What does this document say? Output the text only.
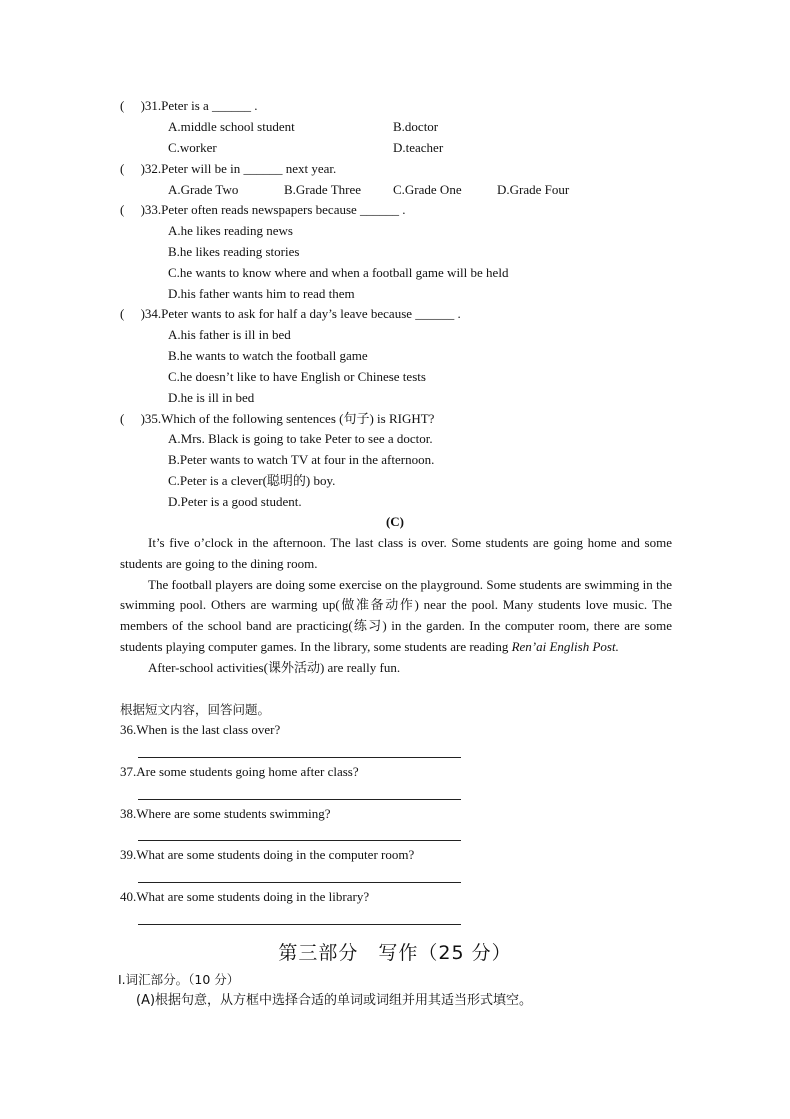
(     )31.Peter is a ______ .
A.middle school student	B.doctor
C.worker	D.teacher
(     )32.Peter will be in ______ next year.
A.Grade Two	B.Grade Three C.Grade One	D.Grade Four
(     )33.Peter often reads newspapers because ______ .
A.he likes reading news
B.he likes reading stories
C.he wants to know where and when a football game will be held
D.his father wants him to read them
(     )34.Peter wants to ask for half a day’s leave because ______ .
A.his father is ill in bed
B.he wants to watch the football game
C.he doesn’t like to have English or Chinese tests
D.he is ill in bed
(     )35.Which of the following sentences (句子) is RIGHT?
A.Mrs. Black is going to take Peter to see a doctor.
B.Peter wants to watch TV at four in the afternoon.
C.Peter is a clever(聪明的) boy.
D.Peter is a good student.
(C)

It’s five o’clock in the afternoon. The last class is over. Some students are going home and some students are going to the dining room.

The football players are doing some exercise on the playground. Some students are swimming in the swimming pool. Others are warming up(做准备动作) near the pool. Many students love music. The members of the school band are practicing(练习) in the garden. In the computer room, there are some students playing computer games. In the library, some students are reading Ren’ai English Post.

After-school activities(课外活动) are really fun.

根据短文内容，回答问题。
36.When is the last class over?
37.Are some students going home after class?
38.Where are some students swimming?
39.What are some students doing in the computer room?
40.What are some students doing in the library?
第三部分　写作（25 分）
Ⅰ.词汇部分。（10 分）
(A)根据句意，从方框中选择合适的单词或词组并用其适当形式填空。
